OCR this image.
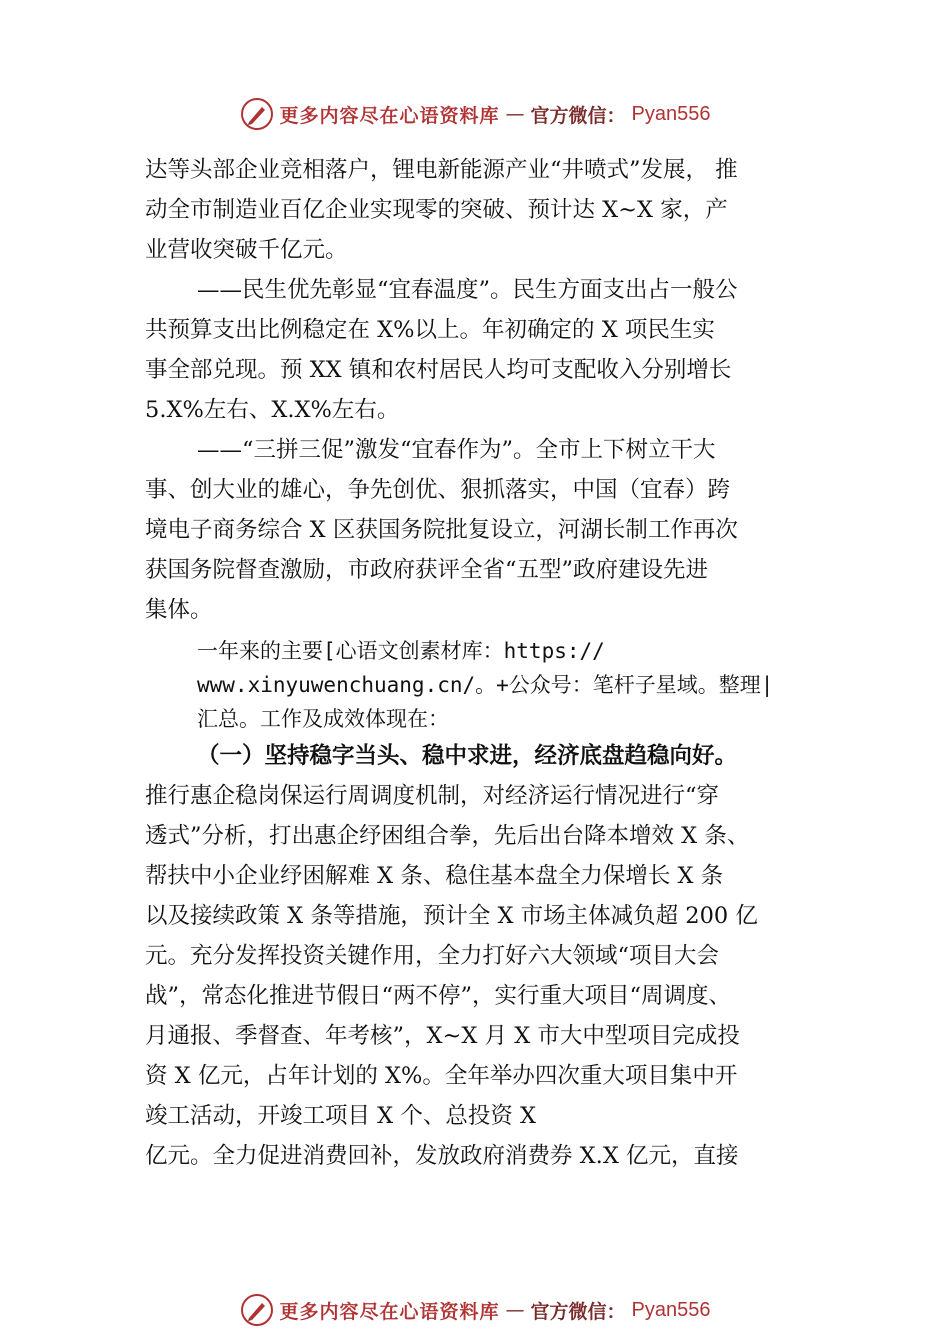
更多内容尽在心语资料库 — 官方微信： Pyan556
达等头部企业竞相落户，锂电新能源产业“井喷式”发展， 推
动全市制造业百亿企业实现零的突破、预计达 X~X 家，产
业营收突破千亿元。
——民生优先彰显“宜春温度”。民生方面支出占一般公
共预算支出比例稳定在 X%以上。年初确定的 X 项民生实
事全部兑现。预 XX 镇和农村居民人均可支配收入分别增长
5.X%左右、X.X%左右。
——“三拼三促”激发“宜春作为”。全市上下树立干大
事、创大业的雄心，争先创优、狠抓落实，中国（宜春）跨
境电子商务综合 X 区获国务院批复设立，河湖长制工作再次
获国务院督查激励，市政府获评全省“五型”政府建设先进
集体。
一年来的主要[心语文创素材库：https://
www.xinyuwenchuang.cn/。+公众号：笔杆子星域。整理|
汇总。工作及成效体现在：
（一）坚持稳字当头、稳中求进，经济底盘趋稳向好。
推行惠企稳岗保运行周调度机制，对经济运行情况进行“穿
透式”分析，打出惠企纾困组合拳，先后出台降本增效 X 条、
帮扶中小企业纾困解难 X 条、稳住基本盘全力保增长 X 条
以及接续政策 X 条等措施，预计全 X 市场主体减负超 200 亿
元。充分发挥投资关键作用，全力打好六大领域“项目大会
战”，常态化推进节假日“两不停”，实行重大项目“周调度、
月通报、季督查、年考核”，X~X 月 X 市大中型项目完成投
资 X 亿元，占年计划的 X%。全年举办四次重大项目集中开
竣工活动，开竣工项目 X 个、总投资 X
亿元。全力促进消费回补，发放政府消费券 X.X 亿元，直接
更多内容尽在心语资料库 — 官方微信： Pyan556
